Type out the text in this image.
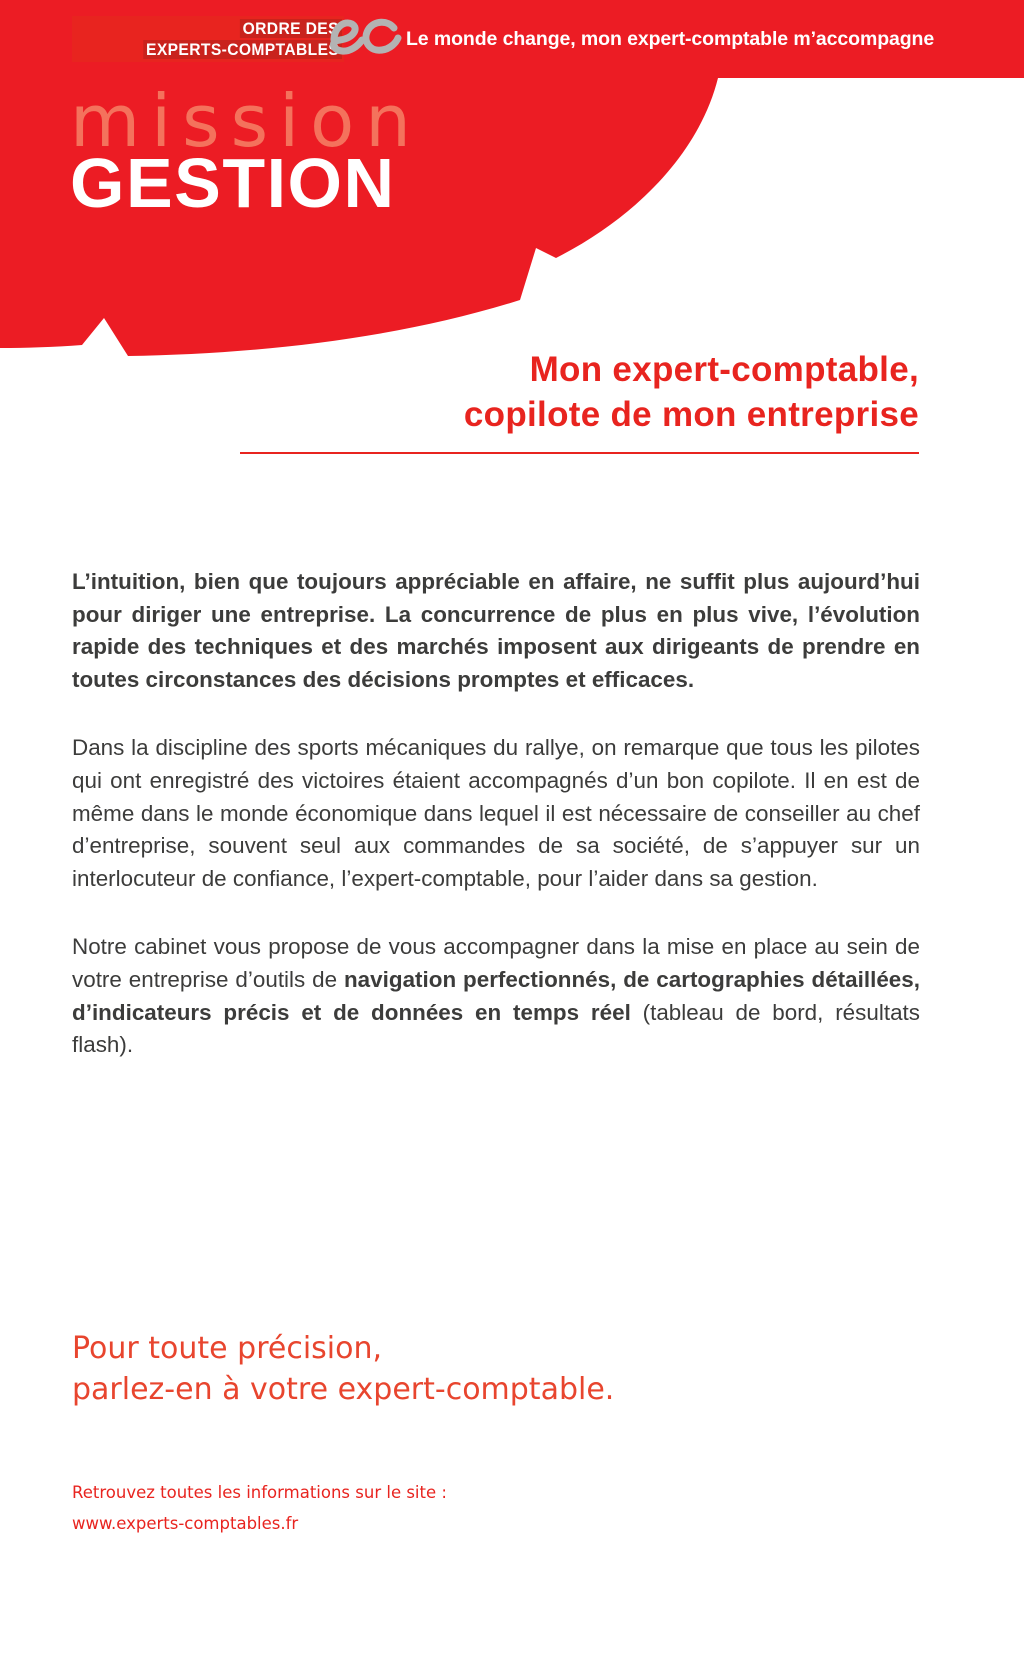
ORDRE DES
EXPERTS-COMPTABLES	Le monde change, mon expert-comptable m’accompagne
mission
GESTION
Mon expert-comptable,
copilote de mon entreprise

L’intuition, bien que toujours appréciable en affaire, ne suffit plus aujourd’hui pour diriger une entreprise. La concurrence de plus en plus vive, l’évolution rapide des techniques et des marchés imposent aux dirigeants de prendre en toutes circonstances des décisions promptes et efficaces.

Dans la discipline des sports mécaniques du rallye, on remarque que tous les pilotes qui ont enregistré des victoires étaient accompagnés d’un bon copilote. Il en est de même dans le monde économique dans lequel il est nécessaire de conseiller au chef d’entreprise, souvent seul aux commandes de sa société, de s’appuyer sur un interlocuteur de confiance, l’expert-comptable, pour l’aider dans sa gestion.

Notre cabinet vous propose de vous accompagner dans la mise en place au sein de votre entreprise d’outils de navigation perfectionnés, de cartographies détaillées, d’indicateurs précis et de données en temps réel (tableau de bord, résultats flash).

Pour toute précision,
parlez-en à votre expert-comptable.
Retrouvez toutes les informations sur le site :
www.experts-comptables.fr
